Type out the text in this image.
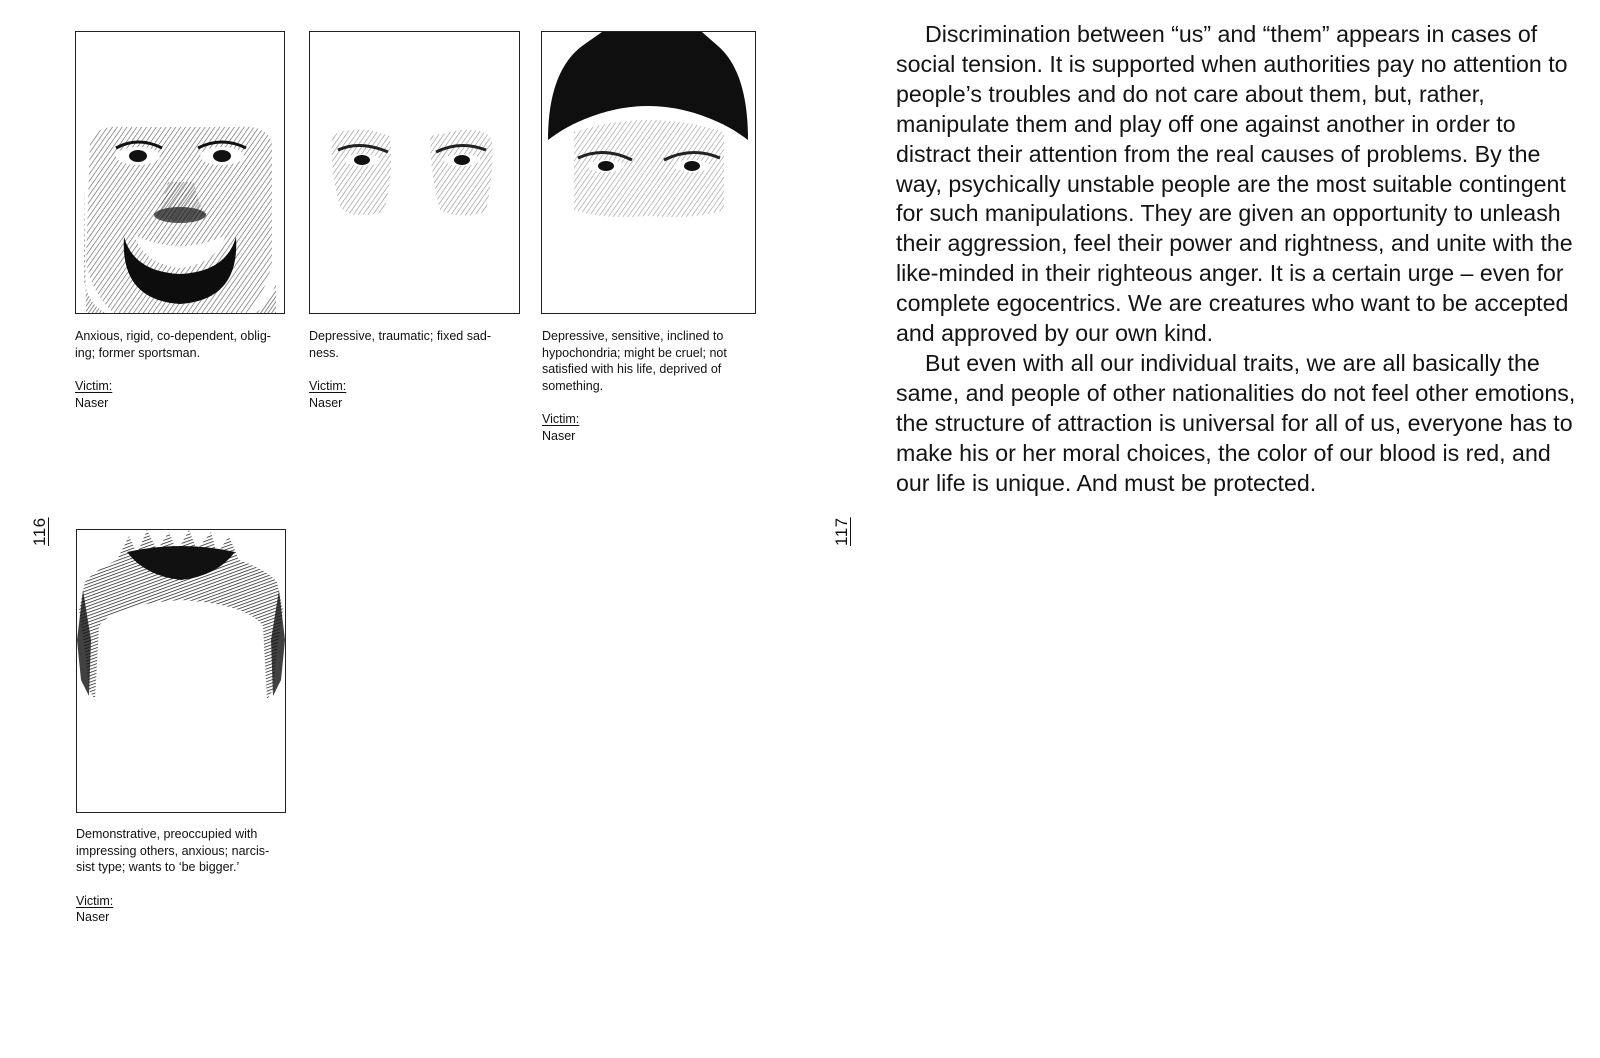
116
Anxious, rigid, co-dependent, oblig-
ing; former sportsman.
Victim:
Naser
Depressive, traumatic; fixed sad-
ness.
Victim:
Naser
Depressive, sensitive, inclined to
hypochondria; might be cruel; not
satisfied with his life, deprived of
something.
Victim:
Naser
Demonstrative, preoccupied with
impressing others, anxious; narcis-
sist type; wants to ‘be bigger.’
Victim:
Naser
117

Discrimination between “us” and “them” appears in cases of social tension. It is supported when authorities pay no attention to people’s troubles and do not care about them, but, rather, manipulate them and play off one against another in order to distract their attention from the real causes of problems. By the way, psychically unstable people are the most suitable contingent for such manipulations. They are given an opportunity to unleash their aggression, feel their power and rightness, and unite with the like-minded in their righteous anger. It is a certain urge – even for complete egocentrics. We are creatures who want to be accepted and approved by our own kind.

But even with all our individual traits, we are all basically the same, and people of other nationalities do not feel other emotions, the structure of attraction is universal for all of us, everyone has to make his or her moral choices, the color of our blood is red, and our life is unique. And must be protected.
